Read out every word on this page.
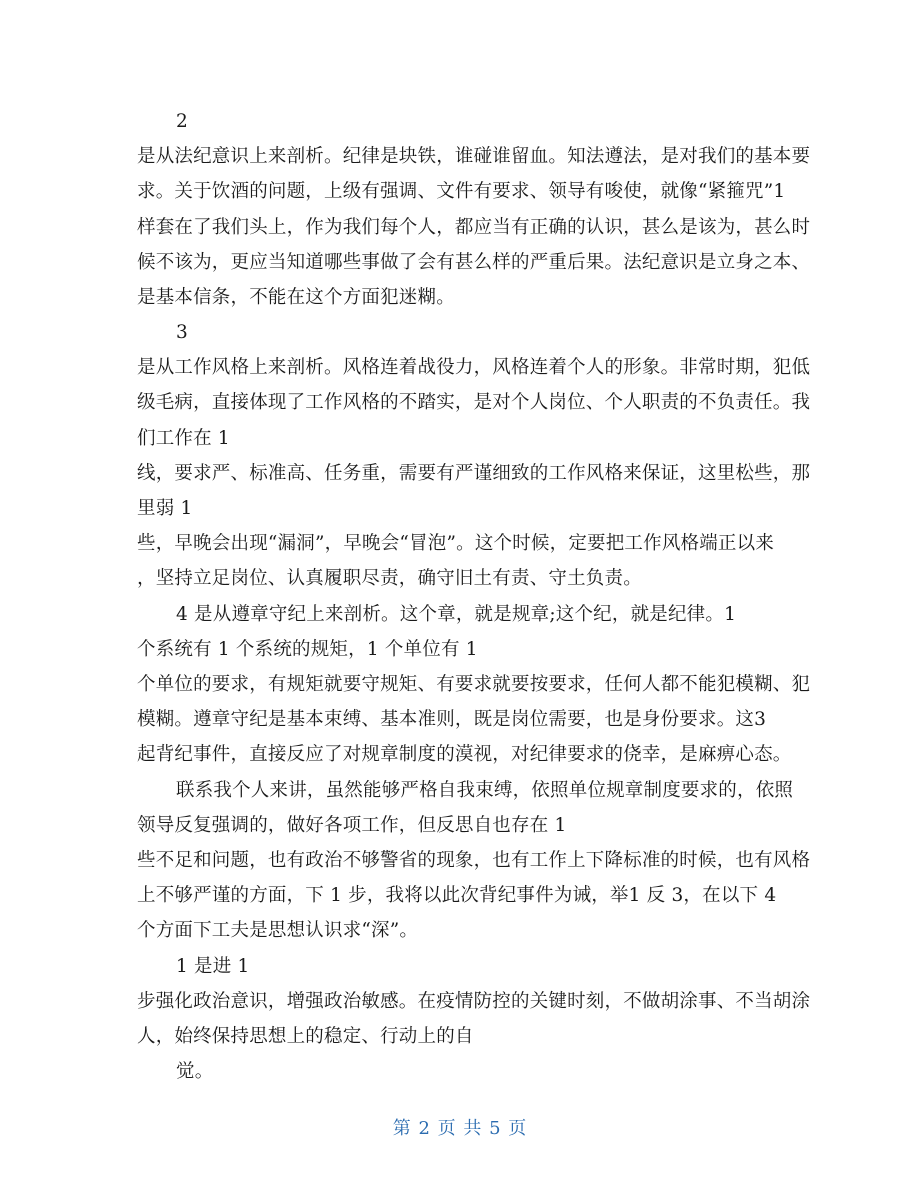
2
是从法纪意识上来剖析。纪律是块铁，谁碰谁留血。知法遵法，是对我们的基本要
求。关于饮酒的问题，上级有强调、文件有要求、领导有唆使，就像“紧箍咒”1
样套在了我们头上，作为我们每个人，都应当有正确的认识，甚么是该为，甚么时
候不该为，更应当知道哪些事做了会有甚么样的严重后果。法纪意识是立身之本、
是基本信条，不能在这个方面犯迷糊。
3
是从工作风格上来剖析。风格连着战役力，风格连着个人的形象。非常时期，犯低
级毛病，直接体现了工作风格的不踏实，是对个人岗位、个人职责的不负责任。我
们工作在 1
线，要求严、标准高、任务重，需要有严谨细致的工作风格来保证，这里松些，那
里弱 1
些，早晚会出现“漏洞”，早晚会“冒泡”。这个时候，定要把工作风格端正以来
，坚持立足岗位、认真履职尽责，确守旧土有责、守土负责。
4 是从遵章守纪上来剖析。这个章，就是规章;这个纪，就是纪律。1
个系统有 1 个系统的规矩，1 个单位有 1
个单位的要求，有规矩就要守规矩、有要求就要按要求，任何人都不能犯模糊、犯
模糊。遵章守纪是基本束缚、基本准则，既是岗位需要，也是身份要求。这3
起背纪事件，直接反应了对规章制度的漠视，对纪律要求的侥幸，是麻痹心态。
联系我个人来讲，虽然能够严格自我束缚，依照单位规章制度要求的，依照
领导反复强调的，做好各项工作，但反思自也存在 1
些不足和问题，也有政治不够警省的现象，也有工作上下降标准的时候，也有风格
上不够严谨的方面，下 1 步，我将以此次背纪事件为诫，举1 反 3，在以下 4
个方面下工夫是思想认识求“深”。
1 是进 1
步强化政治意识，增强政治敏感。在疫情防控的关键时刻，不做胡涂事、不当胡涂
人，始终保持思想上的稳定、行动上的自
觉。
第 2 页 共 5 页
